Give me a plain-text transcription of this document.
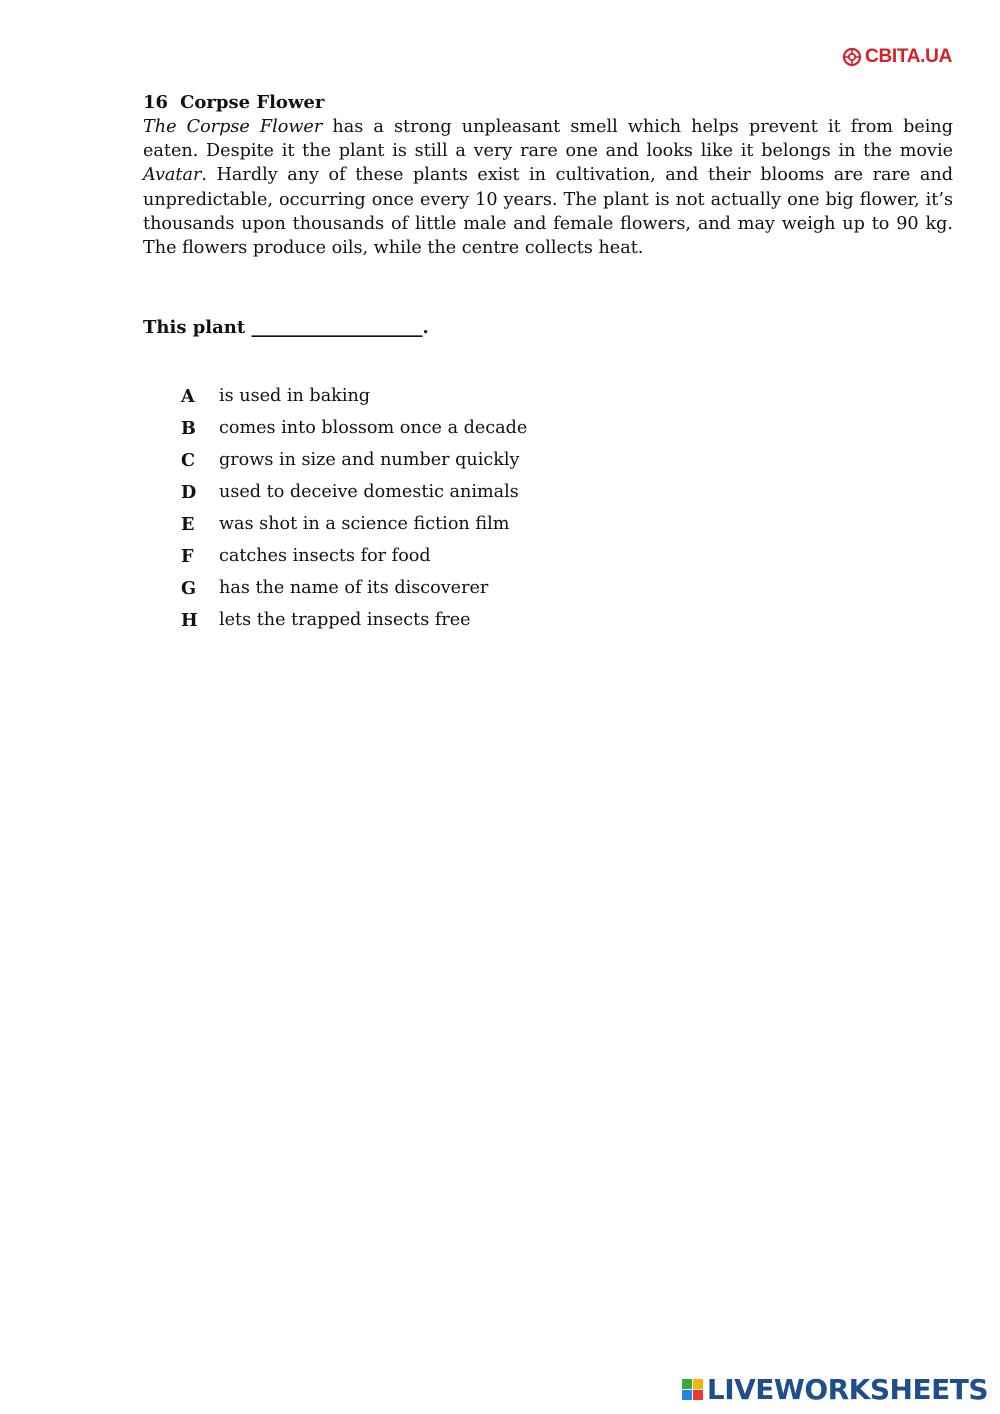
CBITA.UA
16 Corpse Flower

The Corpse Flower has a strong unpleasant smell which helps prevent it from being eaten. Despite it the plant is still a very rare one and looks like it belongs in the movie Avatar. Hardly any of these plants exist in cultivation, and their blooms are rare and unpredictable, occurring once every 10 years. The plant is not actually one big flower, it’s thousands upon thousands of little male and female flowers, and may weigh up to 90 kg. The flowers produce oils, while the centre collects heat.

This plant ___________________.
A	is used in baking
B	comes into blossom once a decade
C	grows in size and number quickly
D	used to deceive domestic animals
E	was shot in a science fiction film
F	catches insects for food
G	has the name of its discoverer
H	lets the trapped insects free
LIVEWORKSHEETS
